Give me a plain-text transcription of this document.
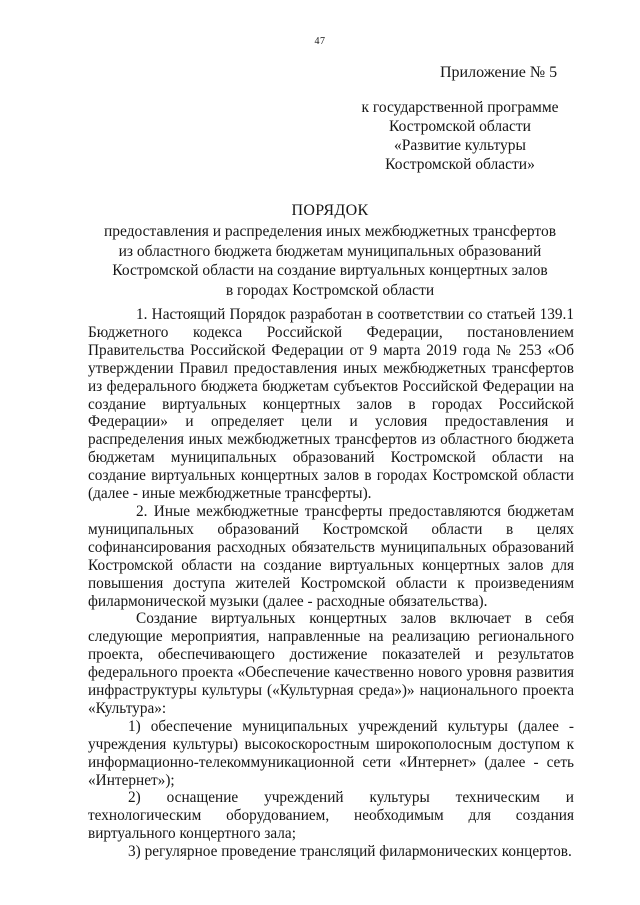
47
Приложение № 5
к государственной программе
Костромской области
«Развитие культуры
Костромской области»
ПОРЯДОК
предоставления и распределения иных межбюджетных трансфертов
из областного бюджета бюджетам муниципальных образований
Костромской области на создание виртуальных концертных залов
в городах Костромской области

1. Настоящий Порядок разработан в соответствии со статьей 139.1 Бюджетного кодекса Российской Федерации, постановлением Правительства Российской Федерации от 9 марта 2019 года № 253 «Об утверждении Правил предоставления иных межбюджетных трансфертов из федерального бюджета бюджетам субъектов Российской Федерации на создание виртуальных концертных залов в городах Российской Федерации» и определяет цели и условия предоставления и распределения иных межбюджетных трансфертов из областного бюджета бюджетам муниципальных образований Костромской области на создание виртуальных концертных залов в городах Костромской области (далее - иные межбюджетные трансферты).

2. Иные межбюджетные трансферты предоставляются бюджетам муниципальных образований Костромской области в целях софинансирования расходных обязательств муниципальных образований Костромской области на создание виртуальных концертных залов для повышения доступа жителей Костромской области к произведениям филармонической музыки (далее - расходные обязательства).

Создание виртуальных концертных залов включает в себя следующие мероприятия, направленные на реализацию регионального проекта, обеспечивающего достижение показателей и результатов федерального проекта «Обеспечение качественно нового уровня развития инфраструктуры культуры («Культурная среда»)» национального проекта «Культура»:

1) обеспечение муниципальных учреждений культуры (далее - учреждения культуры) высокоскоростным широкополосным доступом к информационно-телекоммуникационной сети «Интернет» (далее - сеть «Интернет»);

2) оснащение учреждений культуры техническим и технологическим оборудованием, необходимым для создания виртуального концертного зала;

3) регулярное проведение трансляций филармонических концертов.
